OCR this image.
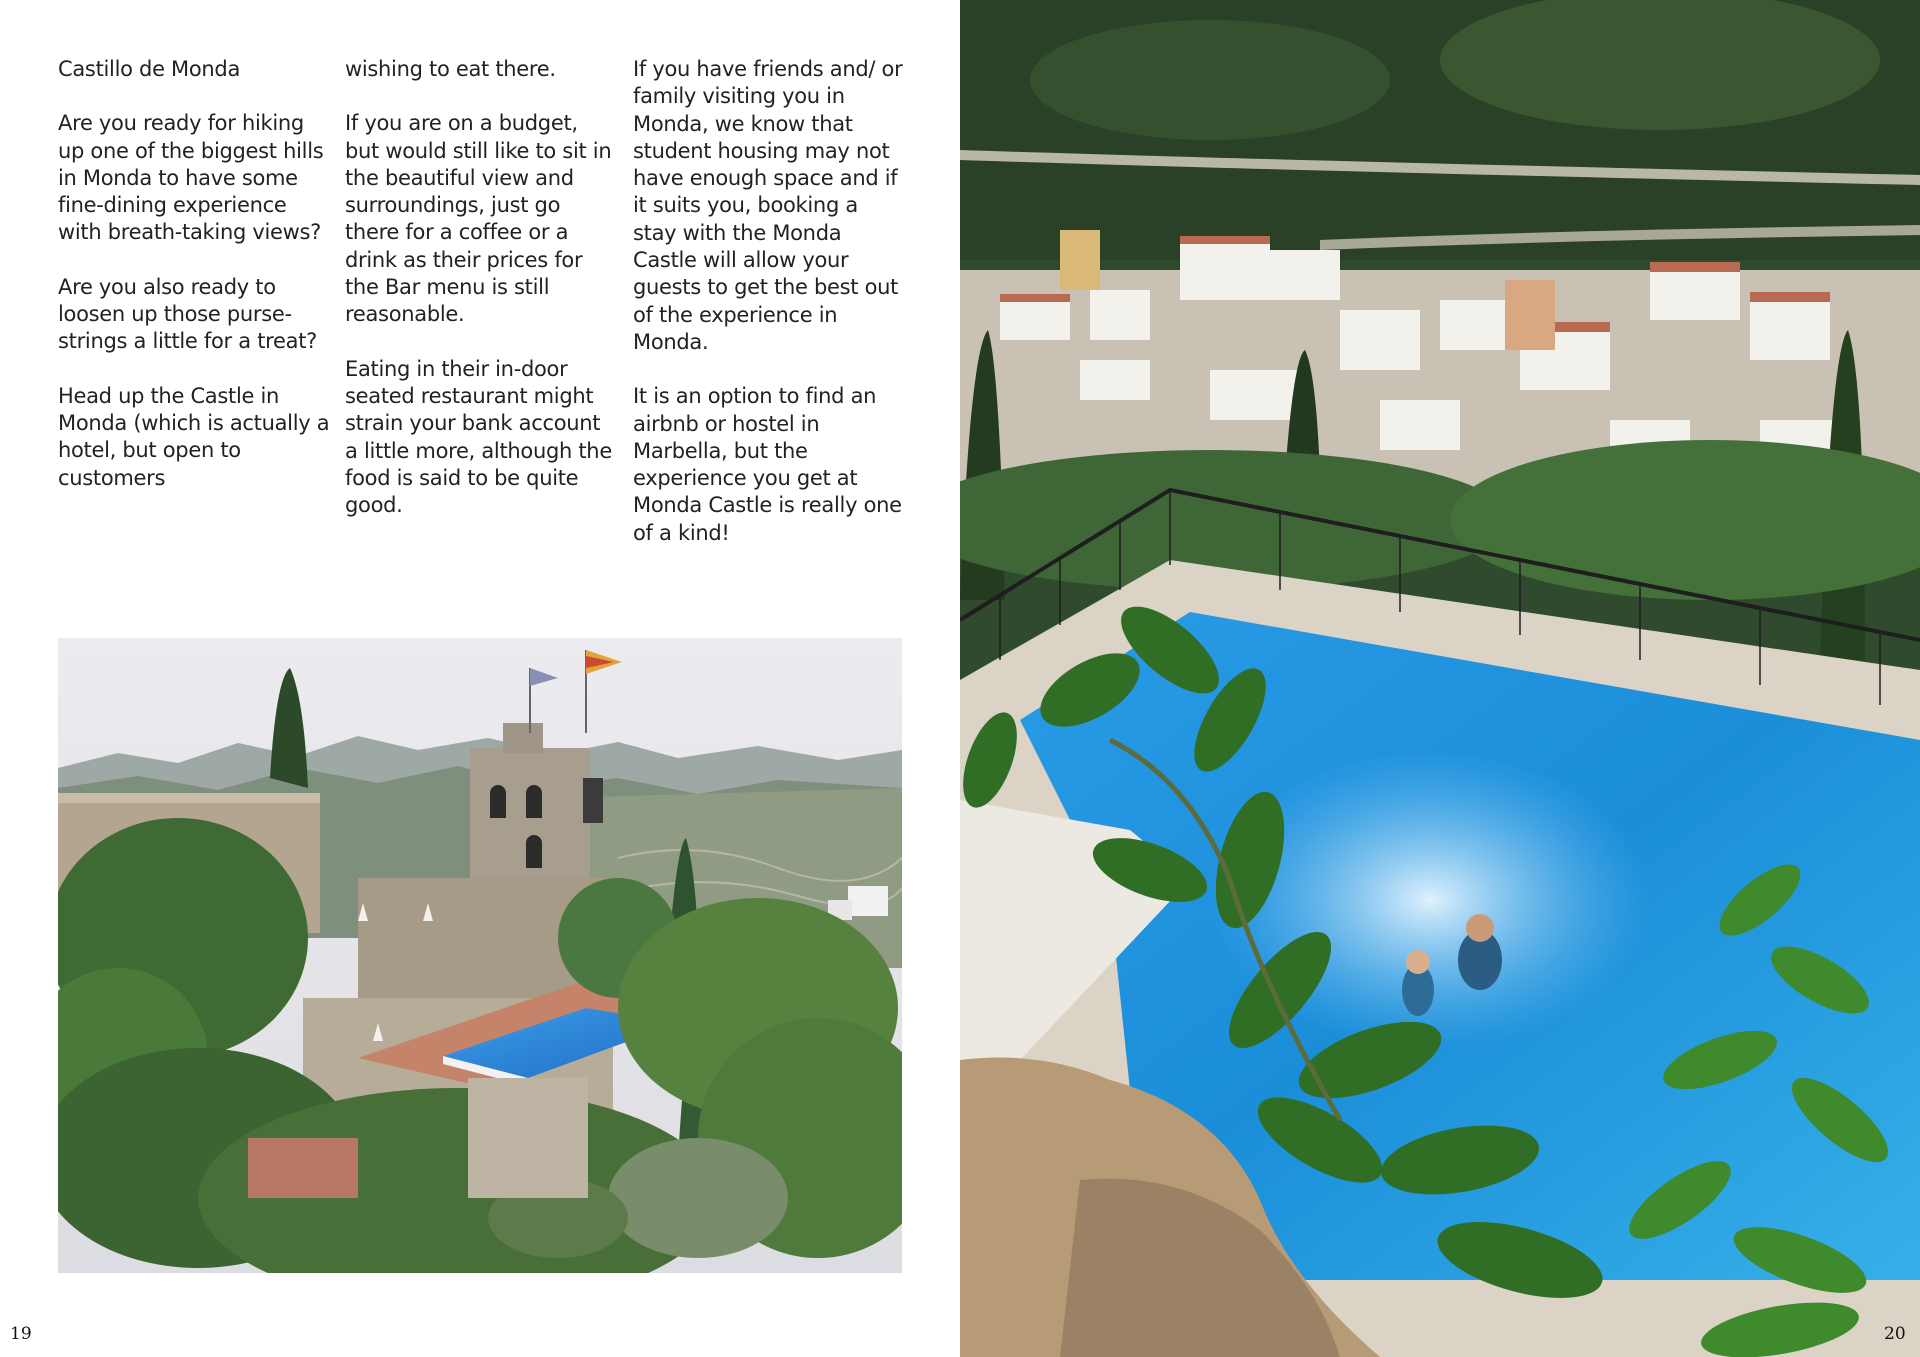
Castillo de Monda

Are you ready for hiking up one of the biggest hills in Monda to have some fine-dining experience with breath-taking views?

Are you also ready to loosen up those purse-strings a little for a treat?

Head up the Castle in Monda (which is actually a hotel, but open to customers

wishing to eat there.

If you are on a budget, but would still like to sit in the beautiful view and surroundings, just go there for a coffee or a drink as their prices for the Bar menu is still reasonable.

Eating in their in-door seated restaurant might strain your bank account a little more, although the food is said to be quite good.

If you have friends and/ or family visiting you in Monda, we know that student housing may not have enough space and if it suits you, booking a stay with the Monda Castle will allow your guests to get the best out of the experience in Monda.

It is an option to find an airbnb or hostel in Marbella, but the experience you get at Monda Castle is really one of a kind!

19	20
